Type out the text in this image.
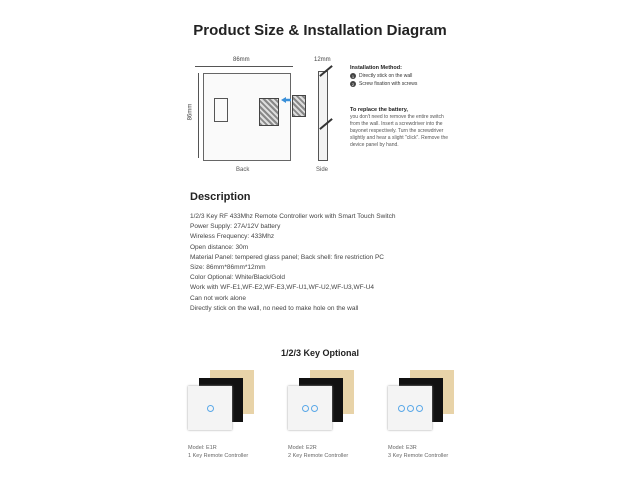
Product Size & Installation Diagram
86mm
86mm
Back
12mm
Side
Installation Method:
1 Directly stick on the wall
2 Screw fixation with screws
To replace the battery,
you don't need to remove the entire switch from the wall. Insert a screwdriver into the bayonet respectively. Turn the screwdriver slightly and hear a slight "click". Remove the device panel by hand.
Description
1/2/3 Key RF 433Mhz Remote Controller work with Smart Touch Switch
Power Supply: 27A/12V battery
Wireless Frequency: 433Mhz
Open distance: 30m
Material Panel: tempered glass panel; Back shell: fire restriction PC
Size: 86mm*86mm*12mm
Color Optional: White/Black/Gold
Work with WF-E1,WF-E2,WF-E3,WF-U1,WF-U2,WF-U3,WF-U4
Can not work alone
Directly stick on the wall, no need to make hole on the wall
1/2/3 Key Optional
Model: E1R
1 Key Remote Controller
Model: E2R
2 Key Remote Controller
Model: E3R
3 Key Remote Controller
